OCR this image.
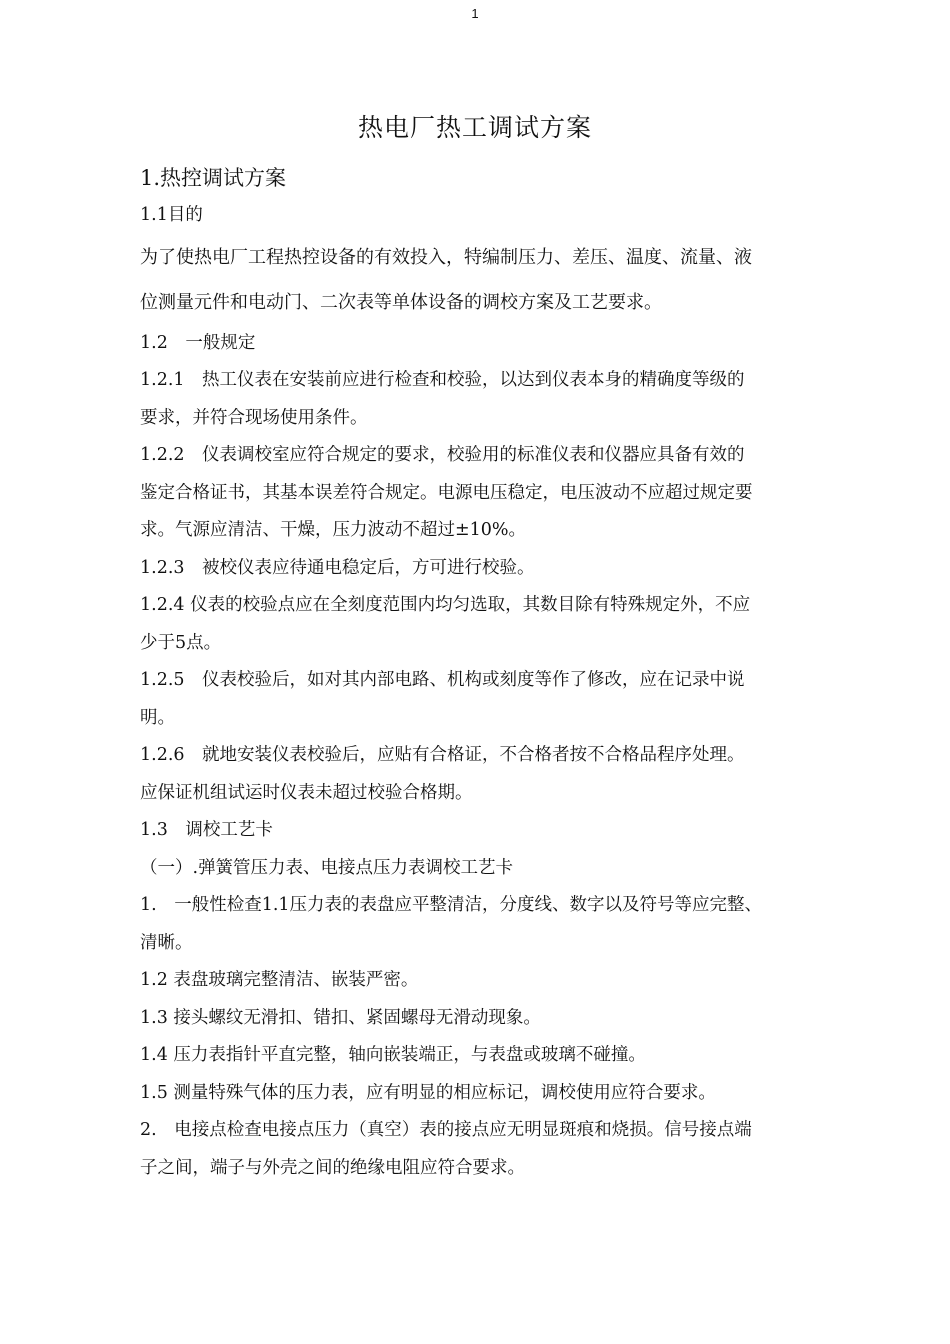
1
热电厂热工调试方案
1.热控调试方案
1.1目的
为了使热电厂工程热控设备的有效投入，特编制压力、差压、温度、流量、液
位测量元件和电动门、二次表等单体设备的调校方案及工艺要求。
1.2　一般规定
1.2.1　热工仪表在安装前应进行检查和校验，以达到仪表本身的精确度等级的
要求，并符合现场使用条件。
1.2.2　仪表调校室应符合规定的要求，校验用的标准仪表和仪器应具备有效的
鉴定合格证书，其基本误差符合规定。电源电压稳定，电压波动不应超过规定要
求。气源应清洁、干燥，压力波动不超过±10%。
1.2.3　被校仪表应待通电稳定后，方可进行校验。
1.2.4 仪表的校验点应在全刻度范围内均匀选取，其数目除有特殊规定外，不应
少于5点。
1.2.5　仪表校验后，如对其内部电路、机构或刻度等作了修改，应在记录中说
明。
1.2.6　就地安装仪表校验后，应贴有合格证，不合格者按不合格品程序处理。
应保证机组试运时仪表未超过校验合格期。
1.3　调校工艺卡
（一）.弹簧管压力表、电接点压力表调校工艺卡
1.　一般性检查1.1压力表的表盘应平整清洁，分度线、数字以及符号等应完整、
清晰。
1.2 表盘玻璃完整清洁、嵌装严密。
1.3 接头螺纹无滑扣、错扣、紧固螺母无滑动现象。
1.4 压力表指针平直完整，轴向嵌装端正，与表盘或玻璃不碰撞。
1.5 测量特殊气体的压力表，应有明显的相应标记，调校使用应符合要求。
2.　电接点检查电接点压力（真空）表的接点应无明显斑痕和烧损。信号接点端
子之间，端子与外壳之间的绝缘电阻应符合要求。
